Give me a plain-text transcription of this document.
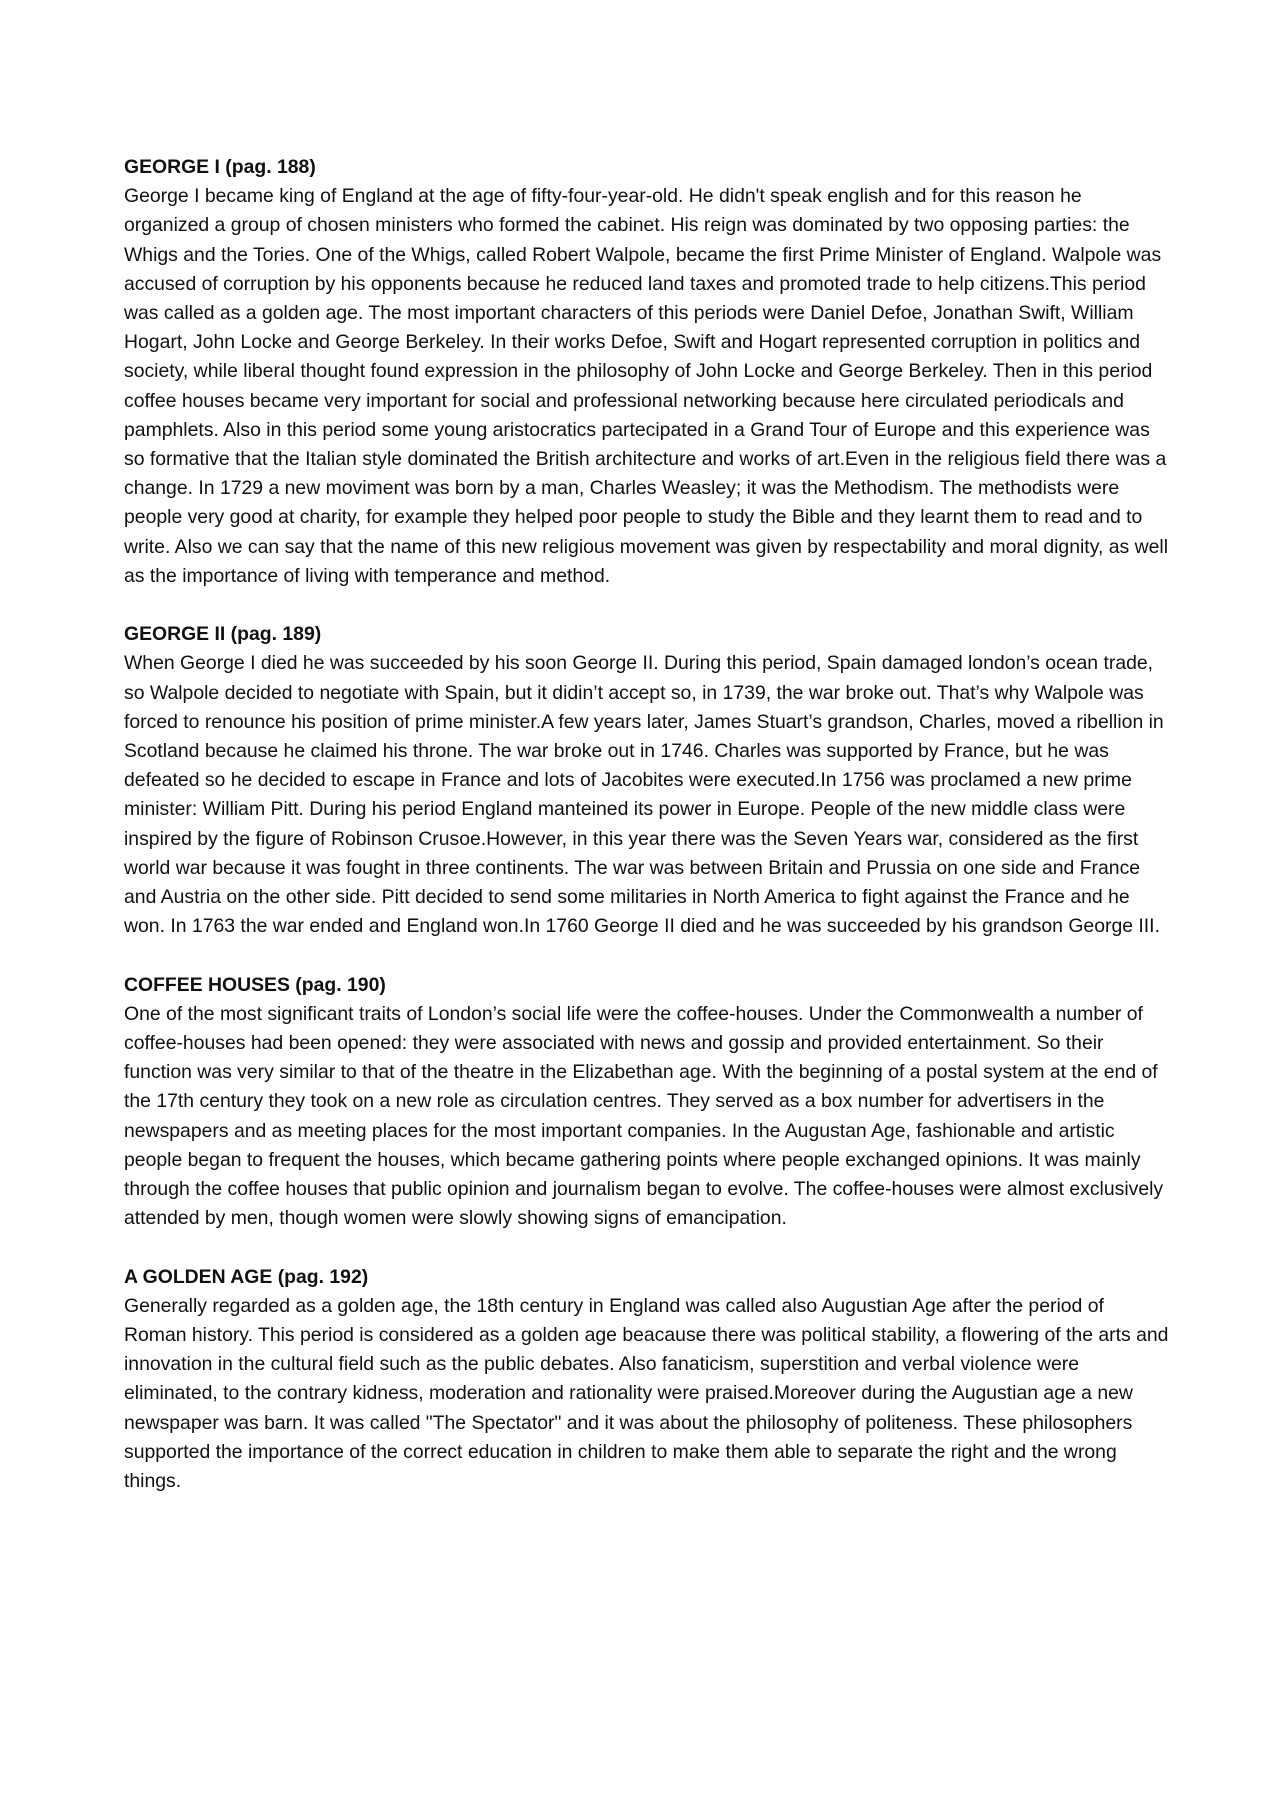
GEORGE I (pag. 188)

George I became king of England at the age of fifty-four-year-old. He didn't speak english and for this reason he organized a group of chosen ministers who formed the cabinet. His reign was dominated by two opposing parties: the Whigs and the Tories. One of the Whigs, called Robert Walpole, became the first Prime Minister of England. Walpole was accused of corruption by his opponents because he reduced land taxes and promoted trade to help citizens.This period was called as a golden age. The most important characters of this periods were Daniel Defoe, Jonathan Swift, William Hogart, John Locke and George Berkeley. In their works Defoe, Swift and Hogart represented corruption in politics and society, while liberal thought found expression in the philosophy of John Locke and George Berkeley. Then in this period coffee houses became very important for social and professional networking because here circulated periodicals and pamphlets. Also in this period some young aristocratics partecipated in a Grand Tour of Europe and this experience was so formative that the Italian style dominated the British architecture and works of art.Even in the religious field there was a change. In 1729 a new moviment was born by a man, Charles Weasley; it was the Methodism. The methodists were people very good at charity, for example they helped poor people to study the Bible and they learnt them to read and to write. Also we can say that the name of this new religious movement was given by respectability and moral dignity, as well as the importance of living with temperance and method.

GEORGE II (pag. 189)

When George I died he was succeeded by his soon George II. During this period, Spain damaged london’s ocean trade, so Walpole decided to negotiate with Spain, but it didin’t accept so, in 1739, the war broke out. That’s why Walpole was forced to renounce his position of prime minister.A few years later, James Stuart’s grandson, Charles, moved a ribellion in Scotland because he claimed his throne. The war broke out in 1746. Charles was supported by France, but he was defeated so he decided to escape in France and lots of Jacobites were executed.In 1756 was proclamed a new prime minister: William Pitt. During his period England manteined its power in Europe. People of the new middle class were inspired by the figure of Robinson Crusoe.However, in this year there was the Seven Years war, considered as the first world war because it was fought in three continents. The war was between Britain and Prussia on one side and France and Austria on the other side. Pitt decided to send some militaries in North America to fight against the France and he won. In 1763 the war ended and England won.In 1760 George II died and he was succeeded by his grandson George III.

COFFEE HOUSES (pag. 190)

One of the most significant traits of London’s social life were the coffee-houses. Under the Commonwealth a number of coffee-houses had been opened: they were associated with news and gossip and provided entertainment. So their function was very similar to that of the theatre in the Elizabethan age. With the beginning of a postal system at the end of the 17th century they took on a new role as circulation centres. They served as a box number for advertisers in the newspapers and as meeting places for the most important companies. In the Augustan Age, fashionable and artistic people began to frequent the houses, which became gathering points where people exchanged opinions. It was mainly through the coffee houses that public opinion and journalism began to evolve. The coffee-houses were almost exclusively attended by men, though women were slowly showing signs of emancipation.

A GOLDEN AGE (pag. 192)

Generally regarded as a golden age, the 18th century in England was called also Augustian Age after the period of Roman history. This period is considered as a golden age beacause there was political stability, a flowering of the arts and innovation in the cultural field such as the public debates. Also fanaticism, superstition and verbal violence were eliminated, to the contrary kidness, moderation and rationality were praised.Moreover during the Augustian age a new newspaper was barn. It was called "The Spectator" and it was about the philosophy of politeness. These philosophers supported the importance of the correct education in children to make them able to separate the right and the wrong things.
